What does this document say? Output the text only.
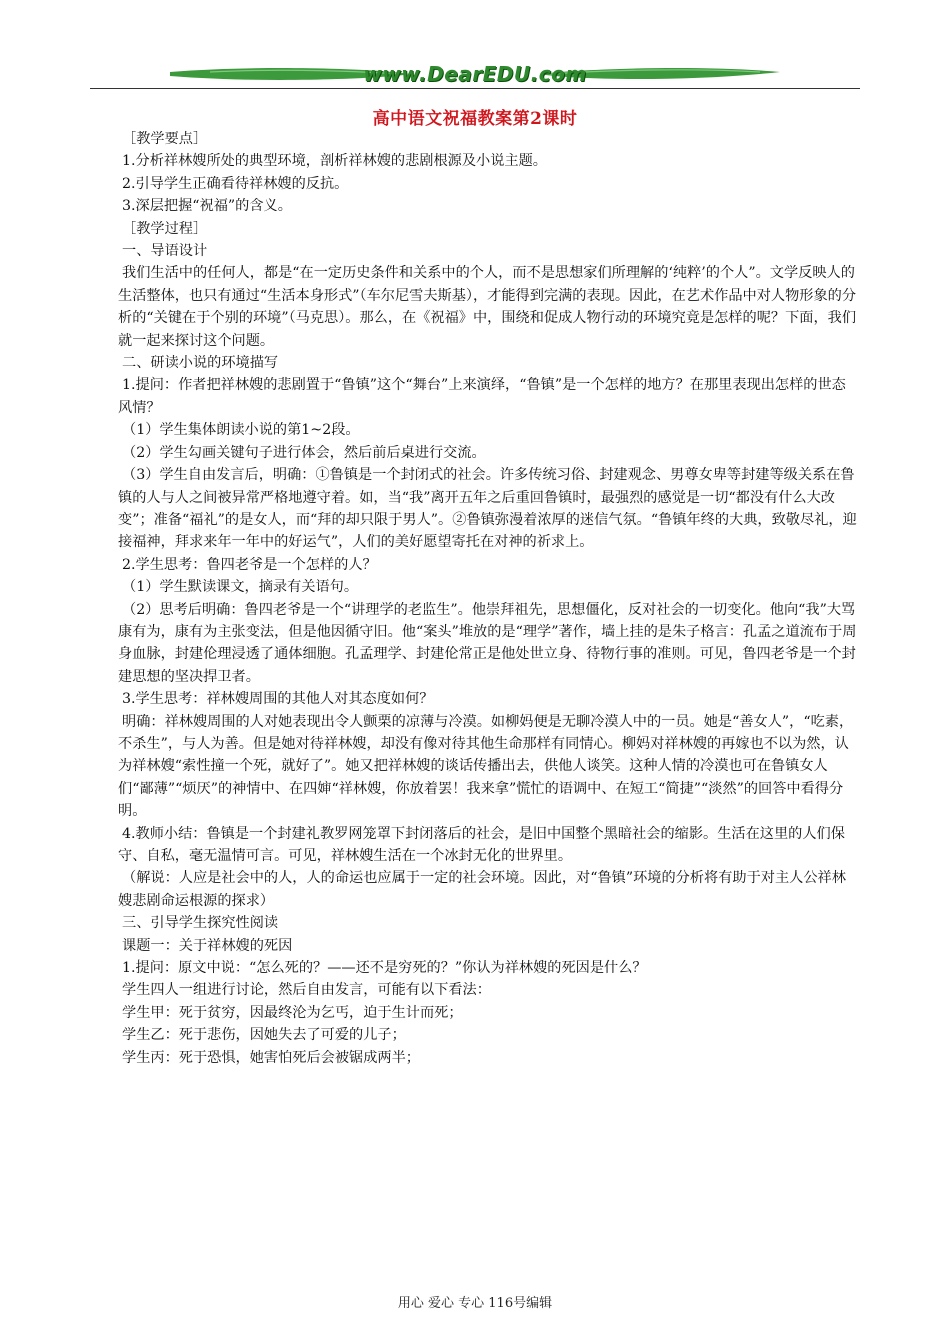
www.DearEDU.com
高中语文祝福教案第2课时

［教学要点］

1.分析祥林嫂所处的典型环境，剖析祥林嫂的悲剧根源及小说主题。

2.引导学生正确看待祥林嫂的反抗。

3.深层把握“祝福”的含义。

［教学过程］

一、导语设计

我们生活中的任何人，都是“在一定历史条件和关系中的个人，而不是思想家们所理解的‘纯粹’的个人”。文学反映人的生活整体，也只有通过“生活本身形式”（车尔尼雪夫斯基），才能得到完满的表现。因此，在艺术作品中对人物形象的分析的“关键在于个别的环境”（马克思）。那么，在《祝福》中，围绕和促成人物行动的环境究竟是怎样的呢？下面，我们就一起来探讨这个问题。

二、研读小说的环境描写

1.提问：作者把祥林嫂的悲剧置于“鲁镇”这个“舞台”上来演绎，“鲁镇”是一个怎样的地方？在那里表现出怎样的世态风情？

（1）学生集体朗读小说的第1~2段。

（2）学生勾画关键句子进行体会，然后前后桌进行交流。

（3）学生自由发言后，明确：①鲁镇是一个封闭式的社会。许多传统习俗、封建观念、男尊女卑等封建等级关系在鲁镇的人与人之间被异常严格地遵守着。如，当“我”离开五年之后重回鲁镇时，最强烈的感觉是一切“都没有什么大改变”；准备“福礼”的是女人，而“拜的却只限于男人”。②鲁镇弥漫着浓厚的迷信气氛。“鲁镇年终的大典，致敬尽礼，迎接福神，拜求来年一年中的好运气”，人们的美好愿望寄托在对神的祈求上。

2.学生思考：鲁四老爷是一个怎样的人？

（1）学生默读课文，摘录有关语句。

（2）思考后明确：鲁四老爷是一个“讲理学的老监生”。他崇拜祖先，思想僵化，反对社会的一切变化。他向“我”大骂康有为，康有为主张变法，但是他因循守旧。他“案头”堆放的是“理学”著作，墙上挂的是朱子格言：孔孟之道流布于周身血脉，封建伦理浸透了通体细胞。孔孟理学、封建伦常正是他处世立身、待物行事的准则。可见，鲁四老爷是一个封建思想的坚决捍卫者。

3.学生思考：祥林嫂周围的其他人对其态度如何？

明确：祥林嫂周围的人对她表现出令人颤栗的凉薄与冷漠。如柳妈便是无聊冷漠人中的一员。她是“善女人”，“吃素，不杀生”，与人为善。但是她对待祥林嫂，却没有像对待其他生命那样有同情心。柳妈对祥林嫂的再嫁也不以为然，认为祥林嫂“索性撞一个死，就好了”。她又把祥林嫂的谈话传播出去，供他人谈笑。这种人情的冷漠也可在鲁镇女人们“鄙薄”“烦厌”的神情中、在四婶“祥林嫂，你放着罢！我来拿”慌忙的语调中、在短工“简捷”“淡然”的回答中看得分明。

4.教师小结：鲁镇是一个封建礼教罗网笼罩下封闭落后的社会，是旧中国整个黑暗社会的缩影。生活在这里的人们保守、自私，毫无温情可言。可见，祥林嫂生活在一个冰封无化的世界里。

（解说：人应是社会中的人，人的命运也应属于一定的社会环境。因此，对“鲁镇”环境的分析将有助于对主人公祥林嫂悲剧命运根源的探求）

三、引导学生探究性阅读

课题一：关于祥林嫂的死因

1.提问：原文中说：“怎么死的？——还不是穷死的？”你认为祥林嫂的死因是什么？

学生四人一组进行讨论，然后自由发言，可能有以下看法：

学生甲：死于贫穷，因最终沦为乞丐，迫于生计而死；

学生乙：死于悲伤，因她失去了可爱的儿子；

学生丙：死于恐惧，她害怕死后会被锯成两半；

用心 爱心 专心 116号编辑
